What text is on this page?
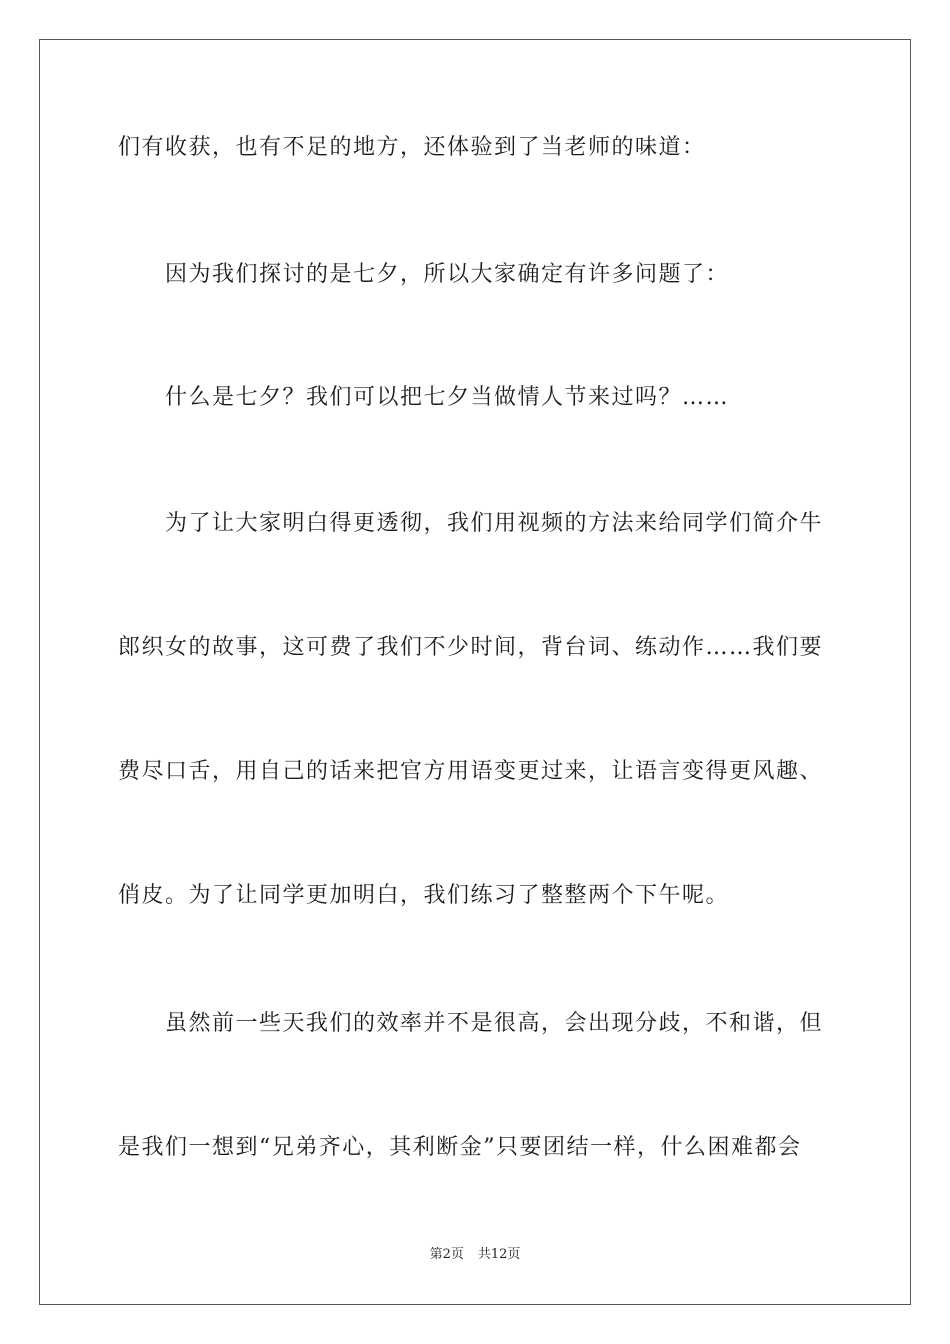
们有收获，也有不足的地方，还体验到了当老师的味道：
因为我们探讨的是七夕，所以大家确定有许多问题了：
什么是七夕？我们可以把七夕当做情人节来过吗？……
为了让大家明白得更透彻，我们用视频的方法来给同学们简介牛
郎织女的故事，这可费了我们不少时间，背台词、练动作……我们要
费尽口舌，用自己的话来把官方用语变更过来，让语言变得更风趣、
俏皮。为了让同学更加明白，我们练习了整整两个下午呢。
虽然前一些天我们的效率并不是很高，会出现分歧，不和谐，但
是我们一想到“兄弟齐心，其利断金”只要团结一样，什么困难都会
第2页 共12页
